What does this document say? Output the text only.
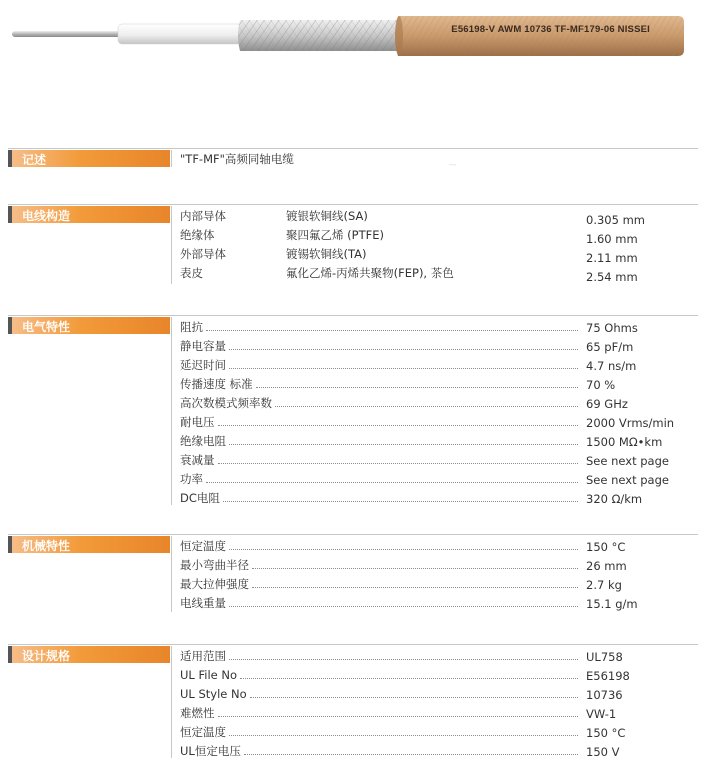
E56198-V AWM 10736 TF-MF179-06 NISSEI
~
记述	"TF-MF"高频同轴电缆
电线构造	内部导体	镀银软铜线(SA)	0.305 mm
绝缘体	聚四氟乙烯 (PTFE)	1.60 mm
外部导体	镀锡软铜线(TA)	2.11 mm
表皮	氟化乙烯-丙烯共聚物(FEP), 茶色	2.54 mm
电气特性	阻抗	75 Ohms
静电容量	65 pF/m
延迟时间	4.7 ns/m
传播速度 标准	70 %
高次数模式频率数	69 GHz
耐电压	2000 Vrms/min
绝缘电阻	1500 MΩ•km
衰减量	See next page
功率	See next page
DC电阻	320 Ω/km
机械特性	恒定温度	150 °C
最小弯曲半径	26 mm
最大拉伸强度	2.7 kg
电线重量	15.1 g/m
设计规格	适用范围	UL758
UL File No	E56198
UL Style No	10736
难燃性	VW-1
恒定温度	150 °C
UL恒定电压	150 V
